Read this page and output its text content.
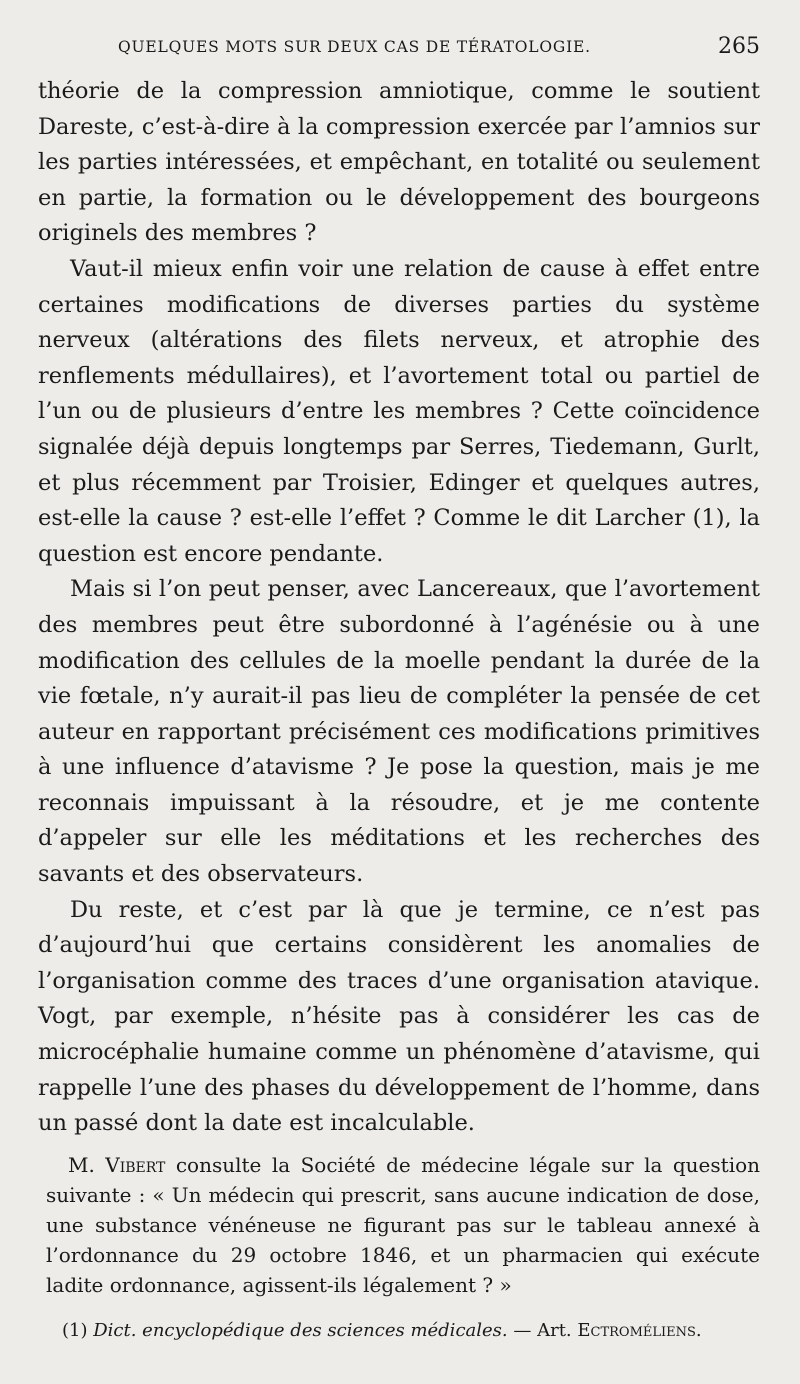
QUELQUES MOTS SUR DEUX CAS DE TÉRATOLOGIE.	265

théorie de la compression amniotique, comme le soutient Dareste, c’est-à-dire à la compression exercée par l’amnios sur les parties intéressées, et empêchant, en totalité ou seulement en partie, la formation ou le développement des bourgeons originels des membres ?

Vaut-il mieux enfin voir une relation de cause à effet entre certaines modifications de diverses parties du système nerveux (altérations des filets nerveux, et atrophie des renflements médullaires), et l’avortement total ou partiel de l’un ou de plusieurs d’entre les membres ? Cette coïncidence signalée déjà depuis longtemps par Serres, Tiedemann, Gurlt, et plus récemment par Troisier, Edinger et quelques autres, est-elle la cause ? est-elle l’effet ? Comme le dit Larcher (1), la question est encore pendante.

Mais si l’on peut penser, avec Lancereaux, que l’avortement des membres peut être subordonné à l’agénésie ou à une modification des cellules de la moelle pendant la durée de la vie fœtale, n’y aurait-il pas lieu de compléter la pensée de cet auteur en rapportant précisément ces modifications primitives à une influence d’atavisme ? Je pose la question, mais je me reconnais impuissant à la résoudre, et je me contente d’appeler sur elle les méditations et les recherches des savants et des observateurs.

Du reste, et c’est par là que je termine, ce n’est pas d’aujourd’hui que certains considèrent les anomalies de l’organisation comme des traces d’une organisation atavique. Vogt, par exemple, n’hésite pas à considérer les cas de microcéphalie humaine comme un phénomène d’atavisme, qui rappelle l’une des phases du développement de l’homme, dans un passé dont la date est incalculable.

M. Vibert consulte la Société de médecine légale sur la question suivante : « Un médecin qui prescrit, sans aucune indication de dose, une substance vénéneuse ne figurant pas sur le tableau annexé à l’ordonnance du 29 octobre 1846, et un pharmacien qui exécute ladite ordonnance, agissent-ils légalement ? »

(1) Dict. encyclopédique des sciences médicales. — Art. Ectroméliens.
